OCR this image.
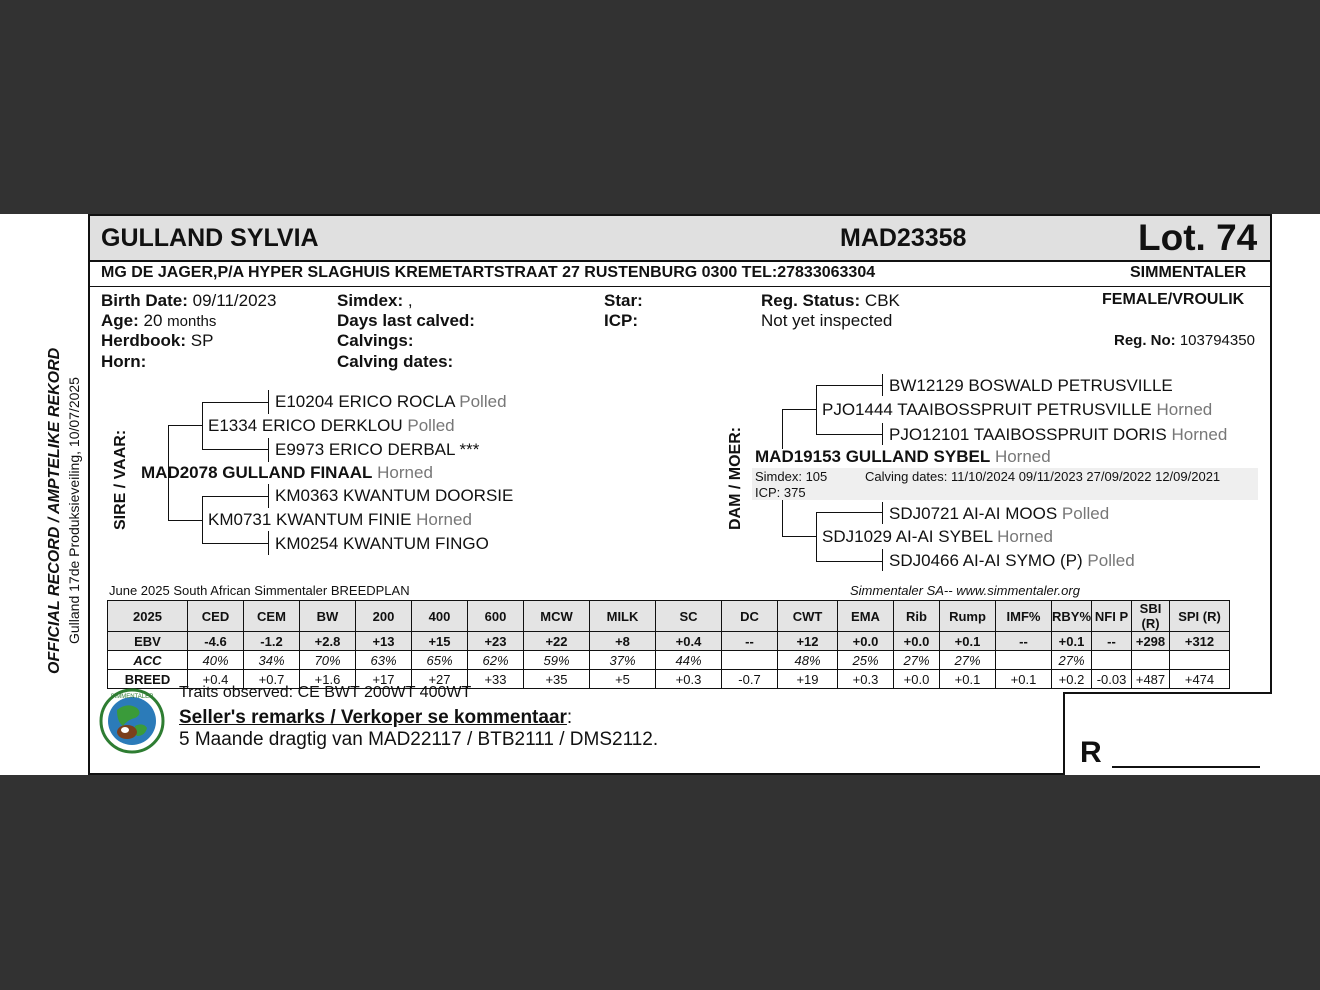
OFFICIAL RECORD / AMPTELIKE REKORD Gulland 17de Produksieveiling, 10/07/2025
GULLAND SYLVIA	MAD23358	Lot. 74
MG DE JAGER,P/A HYPER SLAGHUIS KREMETARTSTRAAT 27 RUSTENBURG 0300 TEL:27833063304	SIMMENTALER
Birth Date: 09/11/2023
Age: 20 months
Herdbook: SP
Horn:
Simdex: ,
Days last calved:
Calvings:
Calving dates:
Star:
ICP:
Reg. Status: CBK
Not yet inspected
FEMALE/VROULIK
Reg. No: 103794350
SIRE / VAAR:
E10204 ERICO ROCLA Polled
E1334 ERICO DERKLOU Polled
E9973 ERICO DERBAL ***
MAD2078 GULLAND FINAAL Horned
KM0363 KWANTUM DOORSIE
KM0731 KWANTUM FINIE Horned
KM0254 KWANTUM FINGO
DAM / MOER:
BW12129 BOSWALD PETRUSVILLE
PJO1444 TAAIBOSSPRUIT PETRUSVILLE Horned
PJO12101 TAAIBOSSPRUIT DORIS Horned
MAD19153 GULLAND SYBEL Horned
Simdex: 105	Calving dates: 11/10/2024 09/11/2023 27/09/2022 12/09/2021
ICP: 375
SDJ0721 AI-AI MOOS Polled
SDJ1029 AI-AI SYBEL Horned
SDJ0466 AI-AI SYMO (P) Polled
June 2025 South African Simmentaler BREEDPLAN	Simmentaler SA-- www.simmentaler.org
2025	CED	CEM	BW	200	400	600	MCW	MILK	SC	DC	CWT	EMA	Rib	Rump	IMF%	RBY%	NFI P	SBI (R)	SPI (R)
EBV	-4.6	-1.2	+2.8	+13	+15	+23	+22	+8	+0.4	--	+12	+0.0	+0.0	+0.1	--	+0.1	--	+298	+312
ACC	40%	34%	70%	63%	65%	62%	59%	37%	44%		48%	25%	27%	27%		27%			
BREED	+0.4	+0.7	+1.6	+17	+27	+33	+35	+5	+0.3	-0.7	+19	+0.3	+0.0	+0.1	+0.1	+0.2	-0.03	+487	+474
SIMMENTALER Traits observed: CE BWT 200WT 400WT
Seller's remarks / Verkoper se kommentaar:
5 Maande dragtig van MAD22117 / BTB2111 / DMS2112.	R
